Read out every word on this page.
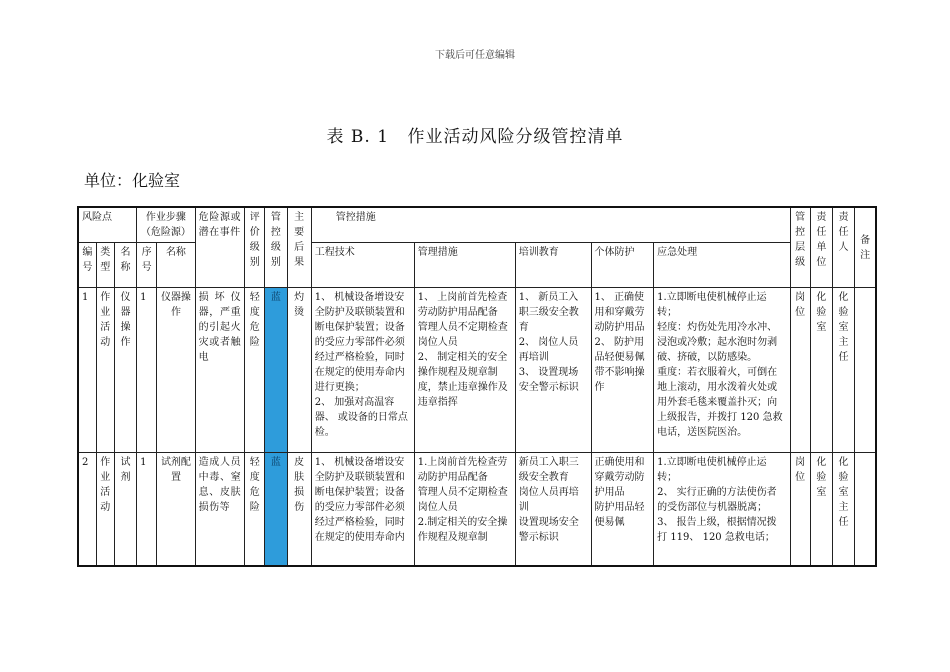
下载后可任意编辑
表 B. 1 作业活动风险分级管控清单
单位：化验室
风险点			作业步骤（危险源）		危险源或潜在事件	评价级别	管控级别	主要后果	管控措施					管控层级	责任单位	责任人	备注
编号	类型	名称	序号	名称					工程技术	管理措施	培训教育	个体防护	应急处理				
1	作业活动	仪器操作	1	仪器操作	损坏仪器，严重的引起火灾或者触电	轻度危险	蓝	灼烫	1、 机械设备增设安全防护及联锁装置和断电保护装置；设备的受应力零部件必须经过严格检验，同时在规定的使用寿命内进行更换；
2、 加强对高温容器、 或设备的日常点检。	1、 上岗前首先检查劳动防护用品配备
管理人员不定期检查岗位人员
2、 制定相关的安全操作规程及规章制度，禁止违章操作及违章指挥	1、 新员工入职三级安全教育
2、 岗位人员再培训
3、 设置现场安全警示标识	1、 正确使用和穿戴劳动防护用品
2、 防护用品轻便易佩带不影响操作	1.立即断电使机械停止运转；
轻度：灼伤处先用冷水冲、浸泡或冷敷；起水泡时勿剥破、挤破，以防感染。
重度：若衣服着火，可倒在地上滚动，用水泼着火处或用外套毛毯来覆盖扑灭；向上级报告，并拨打 120 急救电话，送医院医治。	岗位	化验室	化验室主任	
2	作业活动	试剂	1	试剂配置	造成人员中毒、窒息、皮肤损伤等	轻度危险	蓝	皮肤损伤	1、 机械设备增设安全防护及联锁装置和断电保护装置；设备的受应力零部件必须经过严格检验，同时在规定的使用寿命内	1.上岗前首先检查劳动防护用品配备
管理人员不定期检查岗位人员
2.制定相关的安全操作规程及规章制	新员工入职三级安全教育
岗位人员再培训
设置现场安全警示标识	正确使用和穿戴劳动防护用品
防护用品轻便易佩	1.立即断电使机械停止运转；
2、 实行正确的方法使伤者的受伤部位与机器脱离；
3、 报告上级，根据情况拨打 119、 120 急救电话；	岗位	化验室	化验室主任	
